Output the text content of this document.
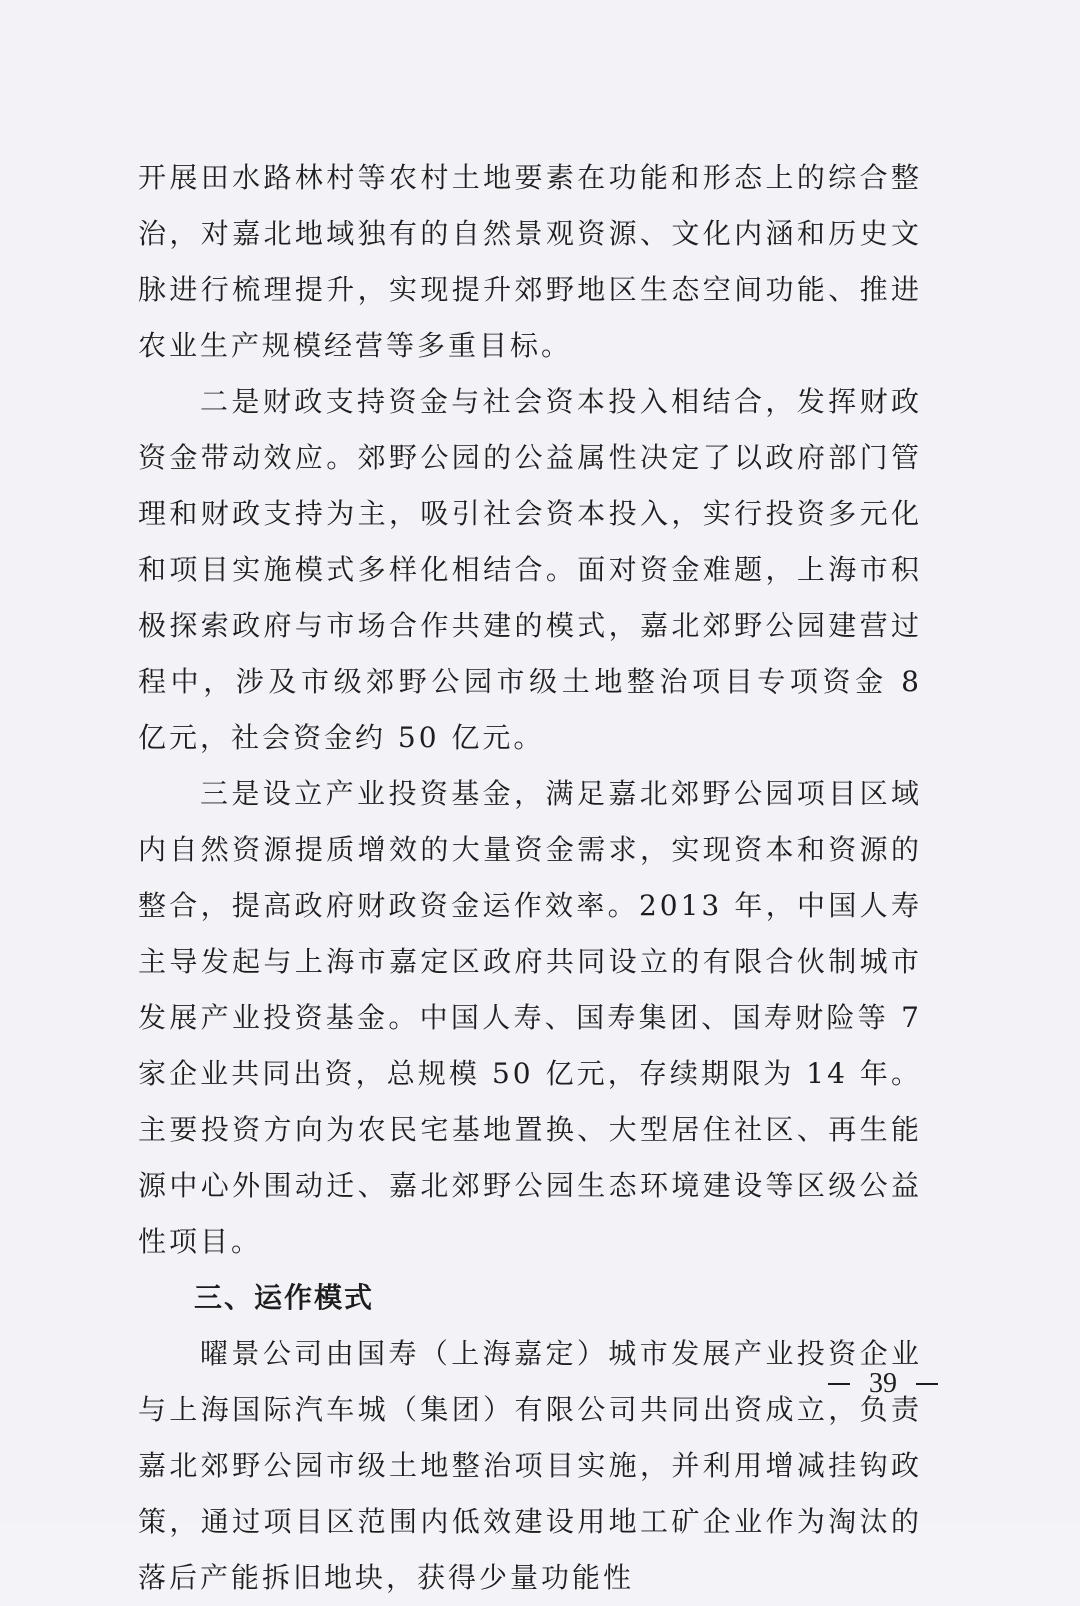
开展田水路林村等农村土地要素在功能和形态上的综合整治，对嘉北地域独有的自然景观资源、文化内涵和历史文脉进行梳理提升，实现提升郊野地区生态空间功能、推进农业生产规模经营等多重目标。

二是财政支持资金与社会资本投入相结合，发挥财政资金带动效应。郊野公园的公益属性决定了以政府部门管理和财政支持为主，吸引社会资本投入，实行投资多元化和项目实施模式多样化相结合。面对资金难题，上海市积极探索政府与市场合作共建的模式，嘉北郊野公园建营过程中，涉及市级郊野公园市级土地整治项目专项资金 8 亿元，社会资金约 50 亿元。

三是设立产业投资基金，满足嘉北郊野公园项目区域内自然资源提质增效的大量资金需求，实现资本和资源的整合，提高政府财政资金运作效率。2013 年，中国人寿主导发起与上海市嘉定区政府共同设立的有限合伙制城市发展产业投资基金。中国人寿、国寿集团、国寿财险等 7 家企业共同出资，总规模 50 亿元，存续期限为 14 年。主要投资方向为农民宅基地置换、大型居住社区、再生能源中心外围动迁、嘉北郊野公园生态环境建设等区级公益性项目。

三、运作模式

曜景公司由国寿（上海嘉定）城市发展产业投资企业与上海国际汽车城（集团）有限公司共同出资成立，负责嘉北郊野公园市级土地整治项目实施，并利用增减挂钩政策，通过项目区范围内低效建设用地工矿企业作为淘汰的落后产能拆旧地块，获得少量功能性

39
